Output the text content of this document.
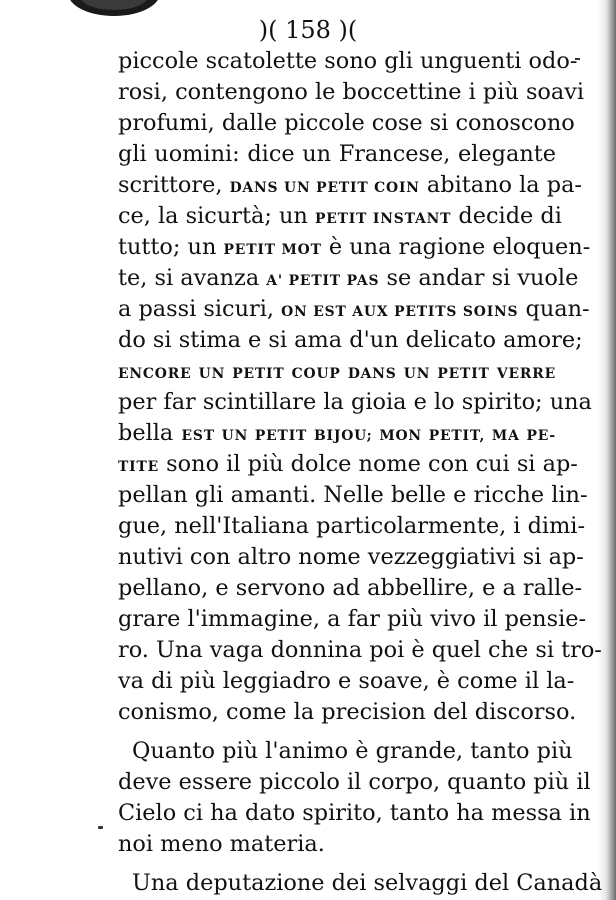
)( 158 )(
piccole scatolette sono gli unguenti odo-
rosi, contengono le boccettine i più soavi
profumi, dalle piccole cose si conoscono
gli uomini: dice un Francese, elegante
scrittore, DANS UN PETIT COIN abitano la pa-
ce, la sicurtà; un PETIT INSTANT decide di
tutto; un PETIT MOT è una ragione eloquen-
te, si avanza A' PETIT PAS se andar si vuole
a passi sicuri, ON EST AUX PETITS SOINS quan-
do si stima e si ama d'un delicato amore;
ENCORE UN PETIT COUP DANS UN PETIT VERRE
per far scintillare la gioia e lo spirito; una
bella EST UN PETIT BIJOU; MON PETIT, MA PE-
TITE sono il più dolce nome con cui si ap-
pellan gli amanti. Nelle belle e ricche lin-
gue, nell'Italiana particolarmente, i dimi-
nutivi con altro nome vezzeggiativi si ap-
pellano, e servono ad abbellire, e a ralle-
grare l'immagine, a far più vivo il pensie-
ro. Una vaga donnina poi è quel che si tro-
va di più leggiadro e soave, è come il la-
conismo, come la precision del discorso.
Quanto più l'animo è grande, tanto più
deve essere piccolo il corpo, quanto più il
Cielo ci ha dato spirito, tanto ha messa in
noi meno materia.
Una deputazione dei selvaggi del Canadà
